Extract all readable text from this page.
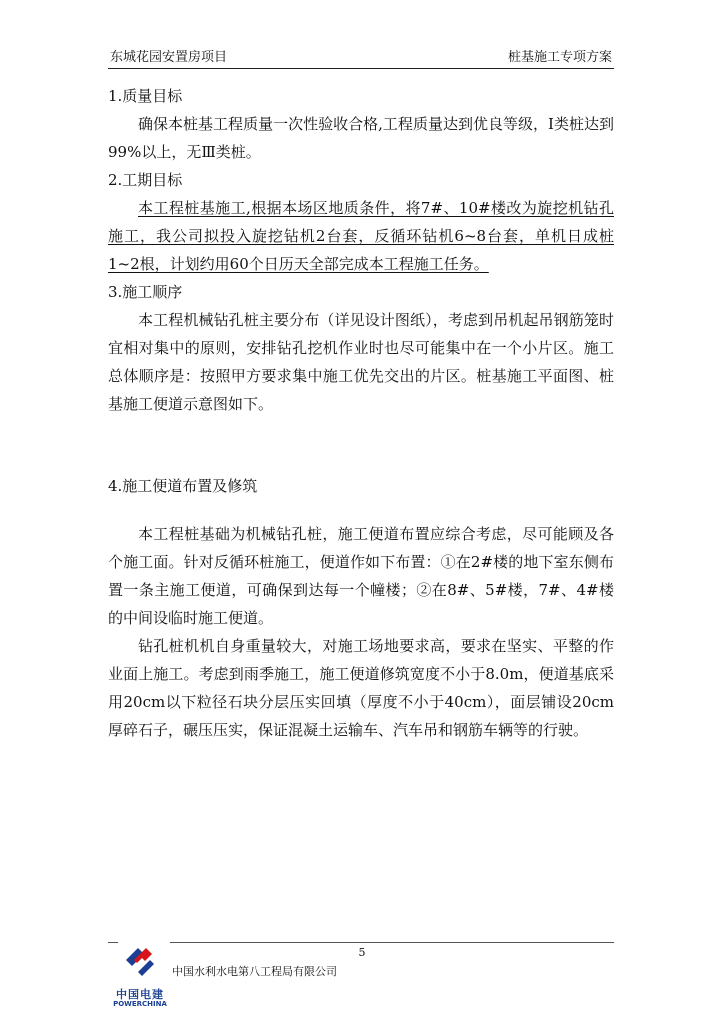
东城花园安置房项目	桩基施工专项方案
1.质量目标

确保本桩基工程质量一次性验收合格,工程质量达到优良等级，I类桩达到99%以上，无Ⅲ类桩。

2.工期目标

本工程桩基施工,根据本场区地质条件，将7#、10#楼改为旋挖机钻孔施工，我公司拟投入旋挖钻机2台套，反循环钻机6~8台套，单机日成桩1~2根，计划约用60个日历天全部完成本工程施工任务。

3.施工顺序

本工程机械钻孔桩主要分布（详见设计图纸），考虑到吊机起吊钢筋笼时宜相对集中的原则，安排钻孔挖机作业时也尽可能集中在一个小片区。施工总体顺序是：按照甲方要求集中施工优先交出的片区。桩基施工平面图、桩基施工便道示意图如下。

4.施工便道布置及修筑

本工程桩基础为机械钻孔桩，施工便道布置应综合考虑，尽可能顾及各个施工面。针对反循环桩施工，便道作如下布置：①在2#楼的地下室东侧布置一条主施工便道，可确保到达每一个幢楼；②在8#、5#楼，7#、4#楼的中间设临时施工便道。

钻孔桩机机自身重量较大，对施工场地要求高，要求在坚实、平整的作业面上施工。考虑到雨季施工，施工便道修筑宽度不小于8.0m，便道基底采用20cm以下粒径石块分层压实回填（厚度不小于40cm），面层铺设20cm厚碎石子，碾压压实，保证混凝土运输车、汽车吊和钢筋车辆等的行驶。

5
中国电建
POWERCHINA
中国水利水电第八工程局有限公司
